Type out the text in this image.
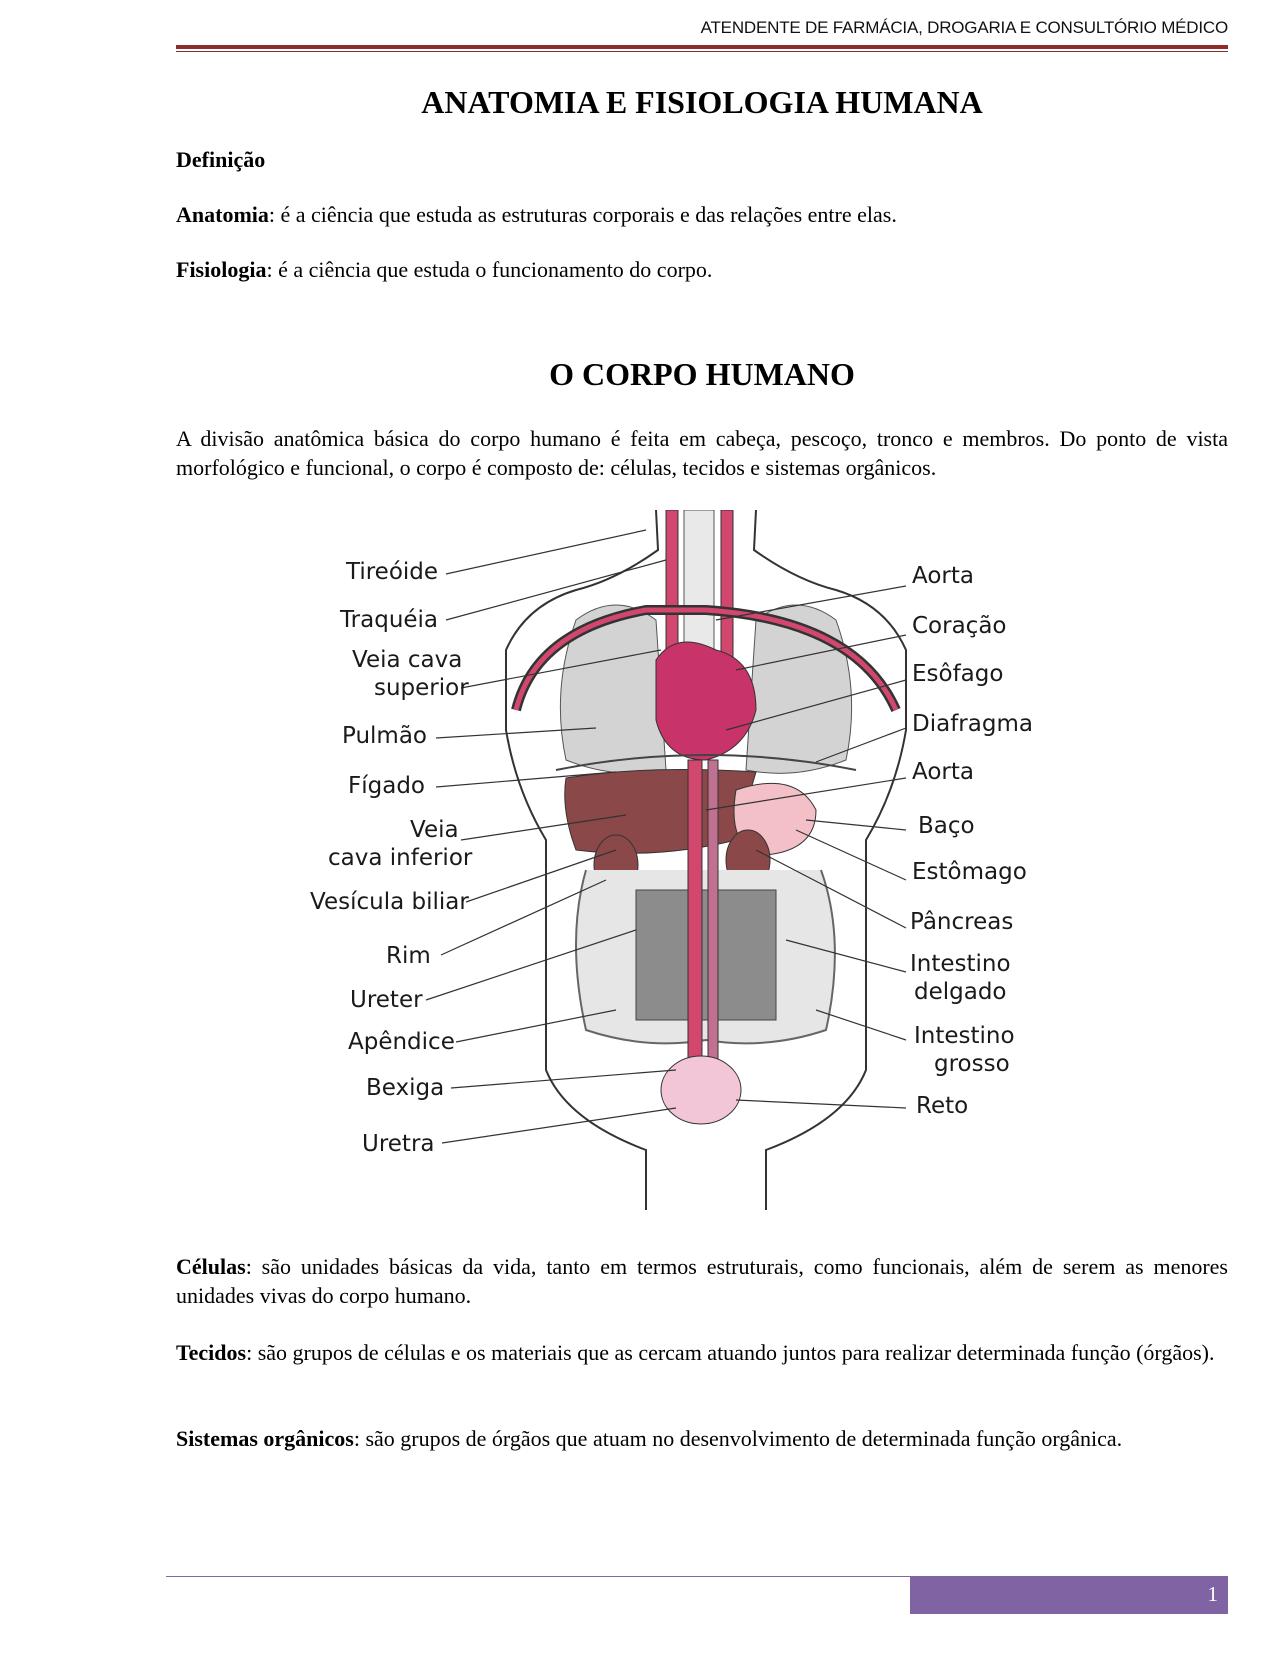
ATENDENTE DE FARMÁCIA, DROGARIA E CONSULTÓRIO MÉDICO
ANATOMIA E FISIOLOGIA HUMANA

Definição

Anatomia: é a ciência que estuda as estruturas corporais e das relações entre elas.

Fisiologia: é a ciência que estuda o funcionamento do corpo.

O CORPO HUMANO

A divisão anatômica básica do corpo humano é feita em cabeça, pescoço, tronco e membros. Do ponto de vista morfológico e funcional, o corpo é composto de: células, tecidos e sistemas orgânicos.

Tireóide
Traquéia
Veia cava
superior
Pulmão
Fígado
Veia
cava inferior
Vesícula biliar
Rim
Ureter
Apêndice
Bexiga
Uretra
Aorta
Coração
Esôfago
Diafragma
Aorta
Baço
Estômago
Pâncreas
Intestino
delgado
Intestino
grosso
Reto

Células: são unidades básicas da vida, tanto em termos estruturais, como funcionais, além de serem as menores unidades vivas do corpo humano.

Tecidos: são grupos de células e os materiais que as cercam atuando juntos para realizar determinada função (órgãos).

Sistemas orgânicos: são grupos de órgãos que atuam no desenvolvimento de determinada função orgânica.

1
